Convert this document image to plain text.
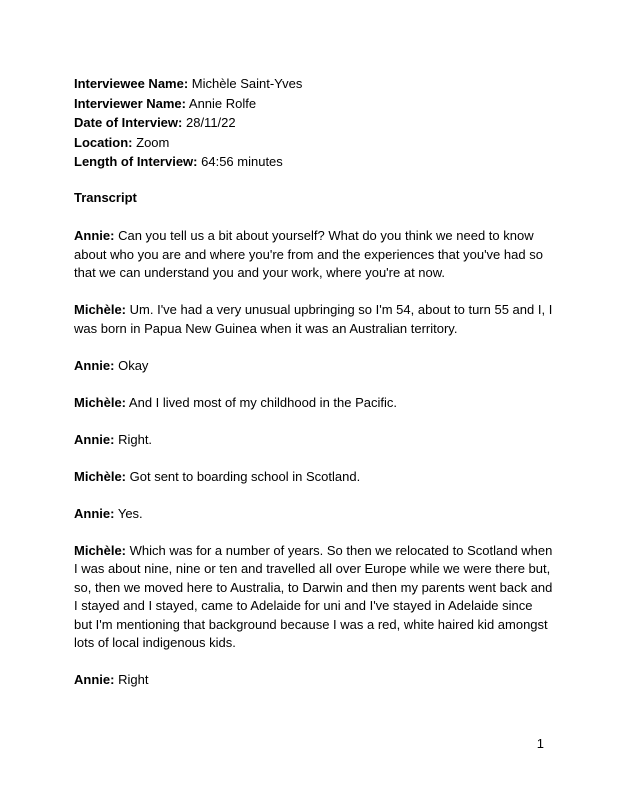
Interviewee Name: Michèle Saint-Yves
Interviewer Name: Annie Rolfe
Date of Interview: 28/11/22
Location: Zoom
Length of Interview: 64:56 minutes
Transcript

Annie: Can you tell us a bit about yourself? What do you think we need to know about who you are and where you're from and the experiences that you've had so that we can understand you and your work, where you're at now.

Michèle: Um. I've had a very unusual upbringing so I'm 54, about to turn 55 and I, I was born in Papua New Guinea when it was an Australian territory.

Annie: Okay

Michèle: And I lived most of my childhood in the Pacific.

Annie: Right.

Michèle: Got sent to boarding school in Scotland.

Annie: Yes.

Michèle: Which was for a number of years. So then we relocated to Scotland when I was about nine, nine or ten and travelled all over Europe while we were there but, so, then we moved here to Australia, to Darwin and then my parents went back and I stayed and I stayed, came to Adelaide for uni and I've stayed in Adelaide since but I'm mentioning that background because I was a red, white haired kid amongst lots of local indigenous kids.

Annie: Right

1
